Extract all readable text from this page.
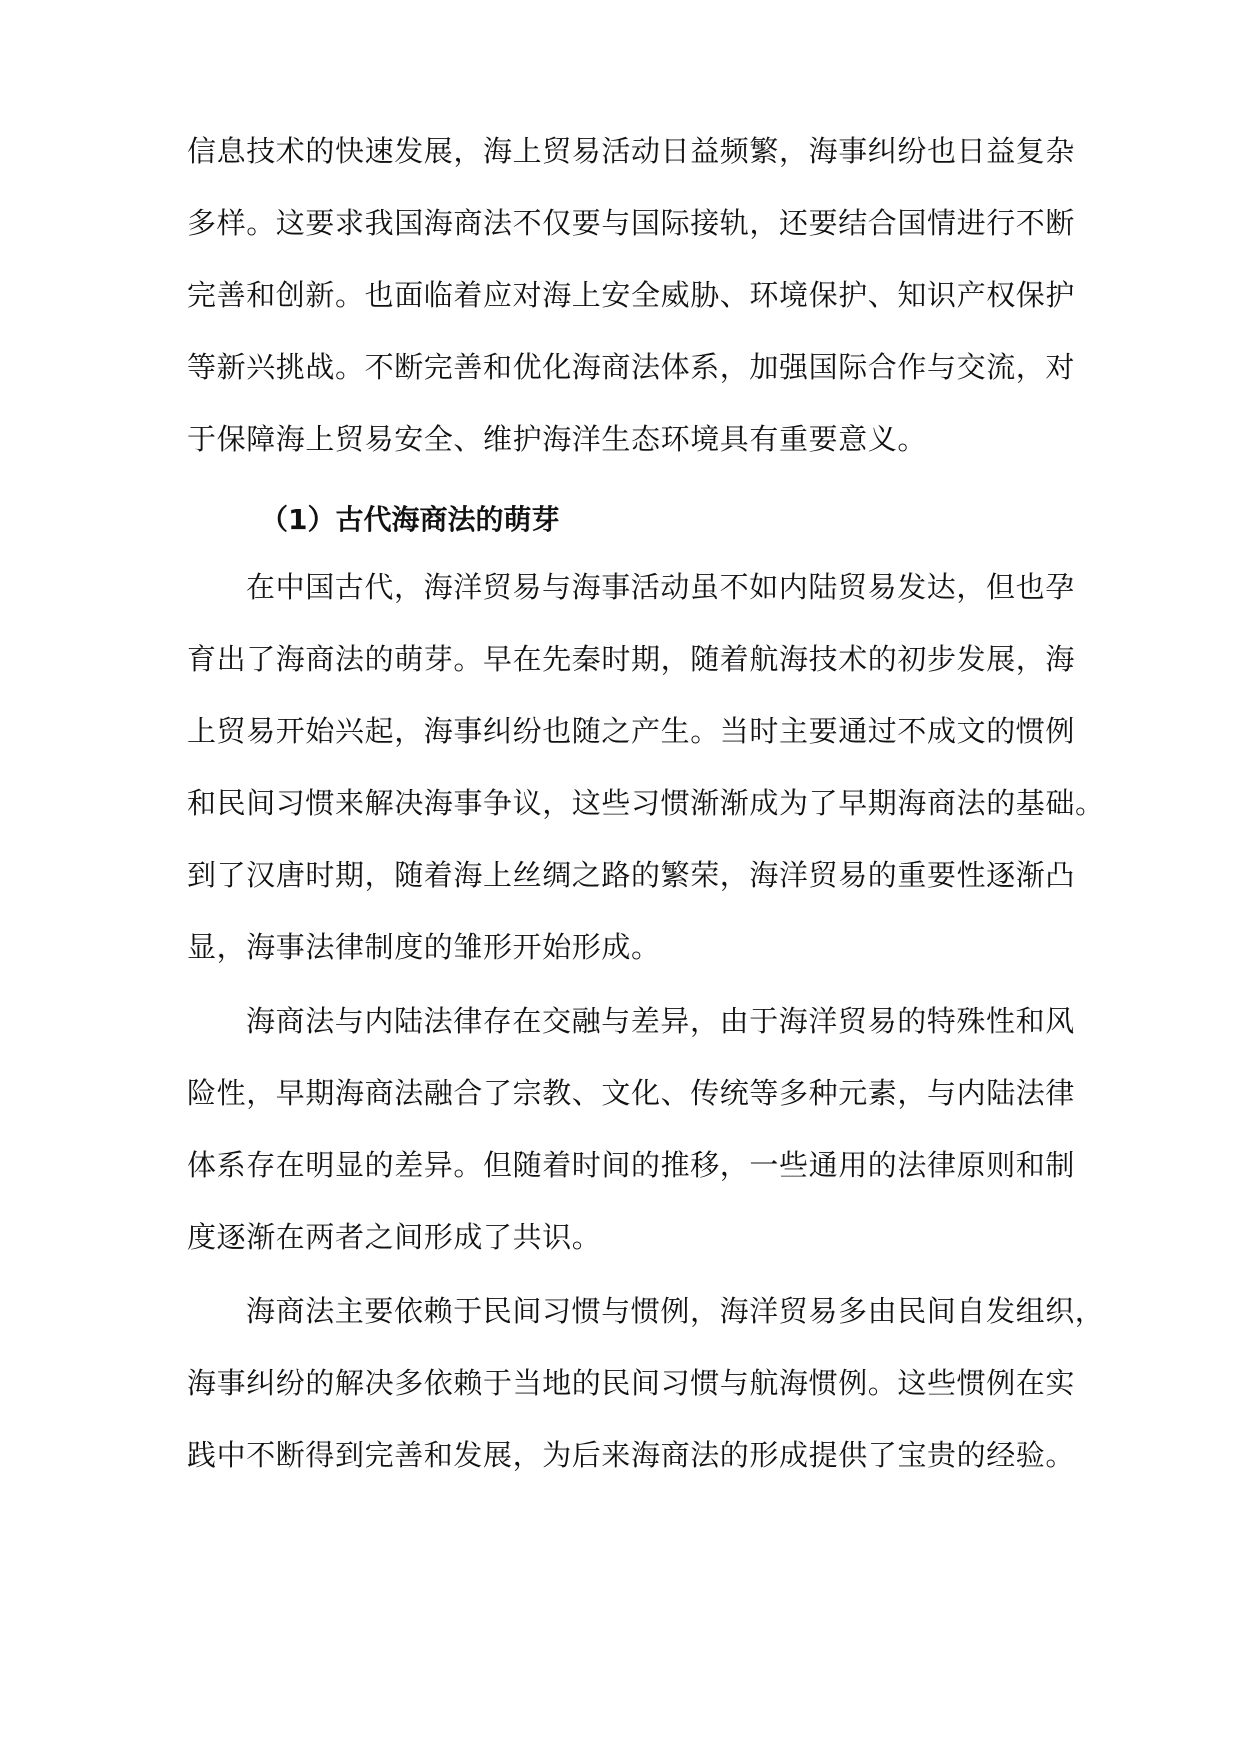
信息技术的快速发展，海上贸易活动日益频繁，海事纠纷也日益复杂
多样。这要求我国海商法不仅要与国际接轨，还要结合国情进行不断
完善和创新。也面临着应对海上安全威胁、环境保护、知识产权保护
等新兴挑战。不断完善和优化海商法体系，加强国际合作与交流，对
于保障海上贸易安全、维护海洋生态环境具有重要意义。
（1）古代海商法的萌芽
在中国古代，海洋贸易与海事活动虽不如内陆贸易发达，但也孕
育出了海商法的萌芽。早在先秦时期，随着航海技术的初步发展，海
上贸易开始兴起，海事纠纷也随之产生。当时主要通过不成文的惯例
和民间习惯来解决海事争议，这些习惯渐渐成为了早期海商法的基础。
到了汉唐时期，随着海上丝绸之路的繁荣，海洋贸易的重要性逐渐凸
显，海事法律制度的雏形开始形成。
海商法与内陆法律存在交融与差异，由于海洋贸易的特殊性和风
险性，早期海商法融合了宗教、文化、传统等多种元素，与内陆法律
体系存在明显的差异。但随着时间的推移，一些通用的法律原则和制
度逐渐在两者之间形成了共识。
海商法主要依赖于民间习惯与惯例，海洋贸易多由民间自发组织，
海事纠纷的解决多依赖于当地的民间习惯与航海惯例。这些惯例在实
践中不断得到完善和发展，为后来海商法的形成提供了宝贵的经验。
